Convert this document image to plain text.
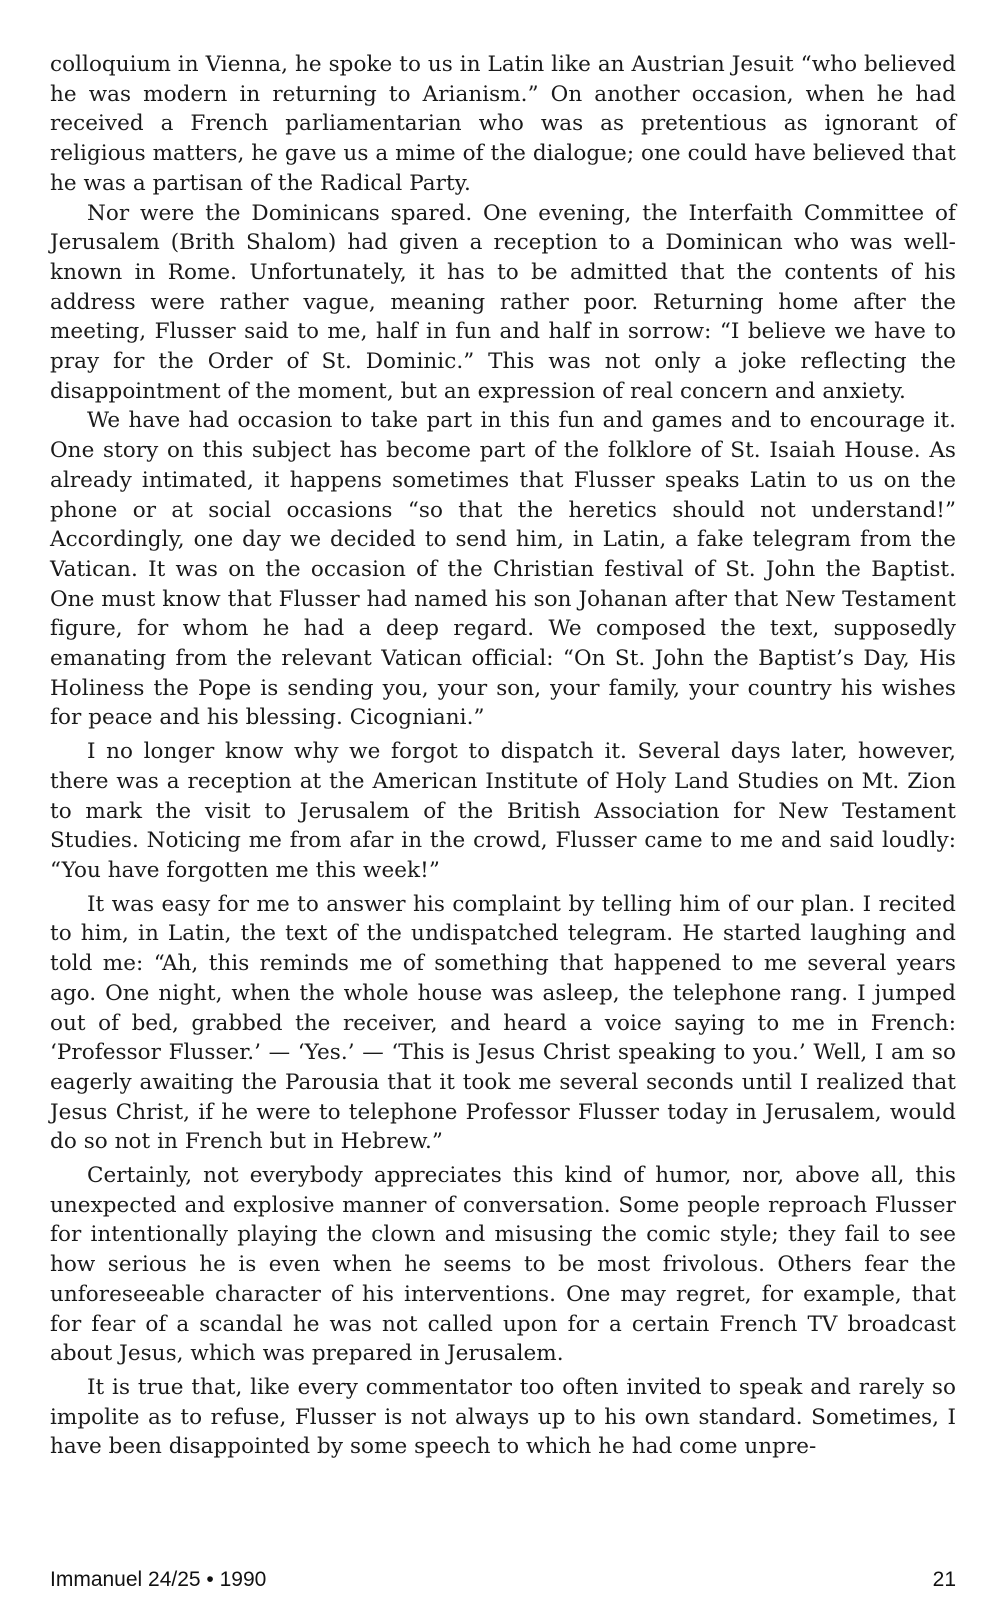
colloquium in Vienna, he spoke to us in Latin like an Austrian Jesuit “who believed he was modern in returning to Arianism.” On another occasion, when he had received a French parliamentarian who was as pretentious as ignorant of religious matters, he gave us a mime of the dialogue; one could have believed that he was a partisan of the Radical Party.

Nor were the Dominicans spared. One evening, the Interfaith Committee of Jerusalem (Brith Shalom) had given a reception to a Dominican who was well-known in Rome. Unfortunately, it has to be admitted that the contents of his address were rather vague, meaning rather poor. Returning home after the meeting, Flusser said to me, half in fun and half in sorrow: “I believe we have to pray for the Order of St. Dominic.” This was not only a joke reflecting the disappointment of the moment, but an expression of real concern and anxiety.

We have had occasion to take part in this fun and games and to encourage it. One story on this subject has become part of the folklore of St. Isaiah House. As already intimated, it happens sometimes that Flusser speaks Latin to us on the phone or at social occasions “so that the heretics should not understand!” Accordingly, one day we decided to send him, in Latin, a fake telegram from the Vatican. It was on the occasion of the Christian festival of St. John the Baptist. One must know that Flusser had named his son Johanan after that New Testament figure, for whom he had a deep regard. We composed the text, supposedly emanating from the relevant Vatican official: “On St. John the Baptist’s Day, His Holiness the Pope is sending you, your son, your family, your country his wishes for peace and his blessing. Cicogniani.”

I no longer know why we forgot to dispatch it. Several days later, however, there was a reception at the American Institute of Holy Land Studies on Mt. Zion to mark the visit to Jerusalem of the British Association for New Testament Studies. Noticing me from afar in the crowd, Flusser came to me and said loudly: “You have forgotten me this week!”

It was easy for me to answer his complaint by telling him of our plan. I recited to him, in Latin, the text of the undispatched telegram. He started laughing and told me: “Ah, this reminds me of something that happened to me several years ago. One night, when the whole house was asleep, the telephone rang. I jumped out of bed, grabbed the receiver, and heard a voice saying to me in French: ‘Professor Flusser.’ — ‘Yes.’ — ‘This is Jesus Christ speaking to you.’ Well, I am so eagerly awaiting the Parousia that it took me several seconds until I realized that Jesus Christ, if he were to telephone Professor Flusser today in Jerusalem, would do so not in French but in Hebrew.”

Certainly, not everybody appreciates this kind of humor, nor, above all, this unexpected and explosive manner of conversation. Some people reproach Flusser for intentionally playing the clown and misusing the comic style; they fail to see how serious he is even when he seems to be most frivolous. Others fear the unforeseeable character of his interventions. One may regret, for example, that for fear of a scandal he was not called upon for a certain French TV broadcast about Jesus, which was prepared in Jerusalem.

It is true that, like every commentator too often invited to speak and rarely so impolite as to refuse, Flusser is not always up to his own standard. Sometimes, I have been disappointed by some speech to which he had come unpre-

Immanuel 24/25 • 1990	21
